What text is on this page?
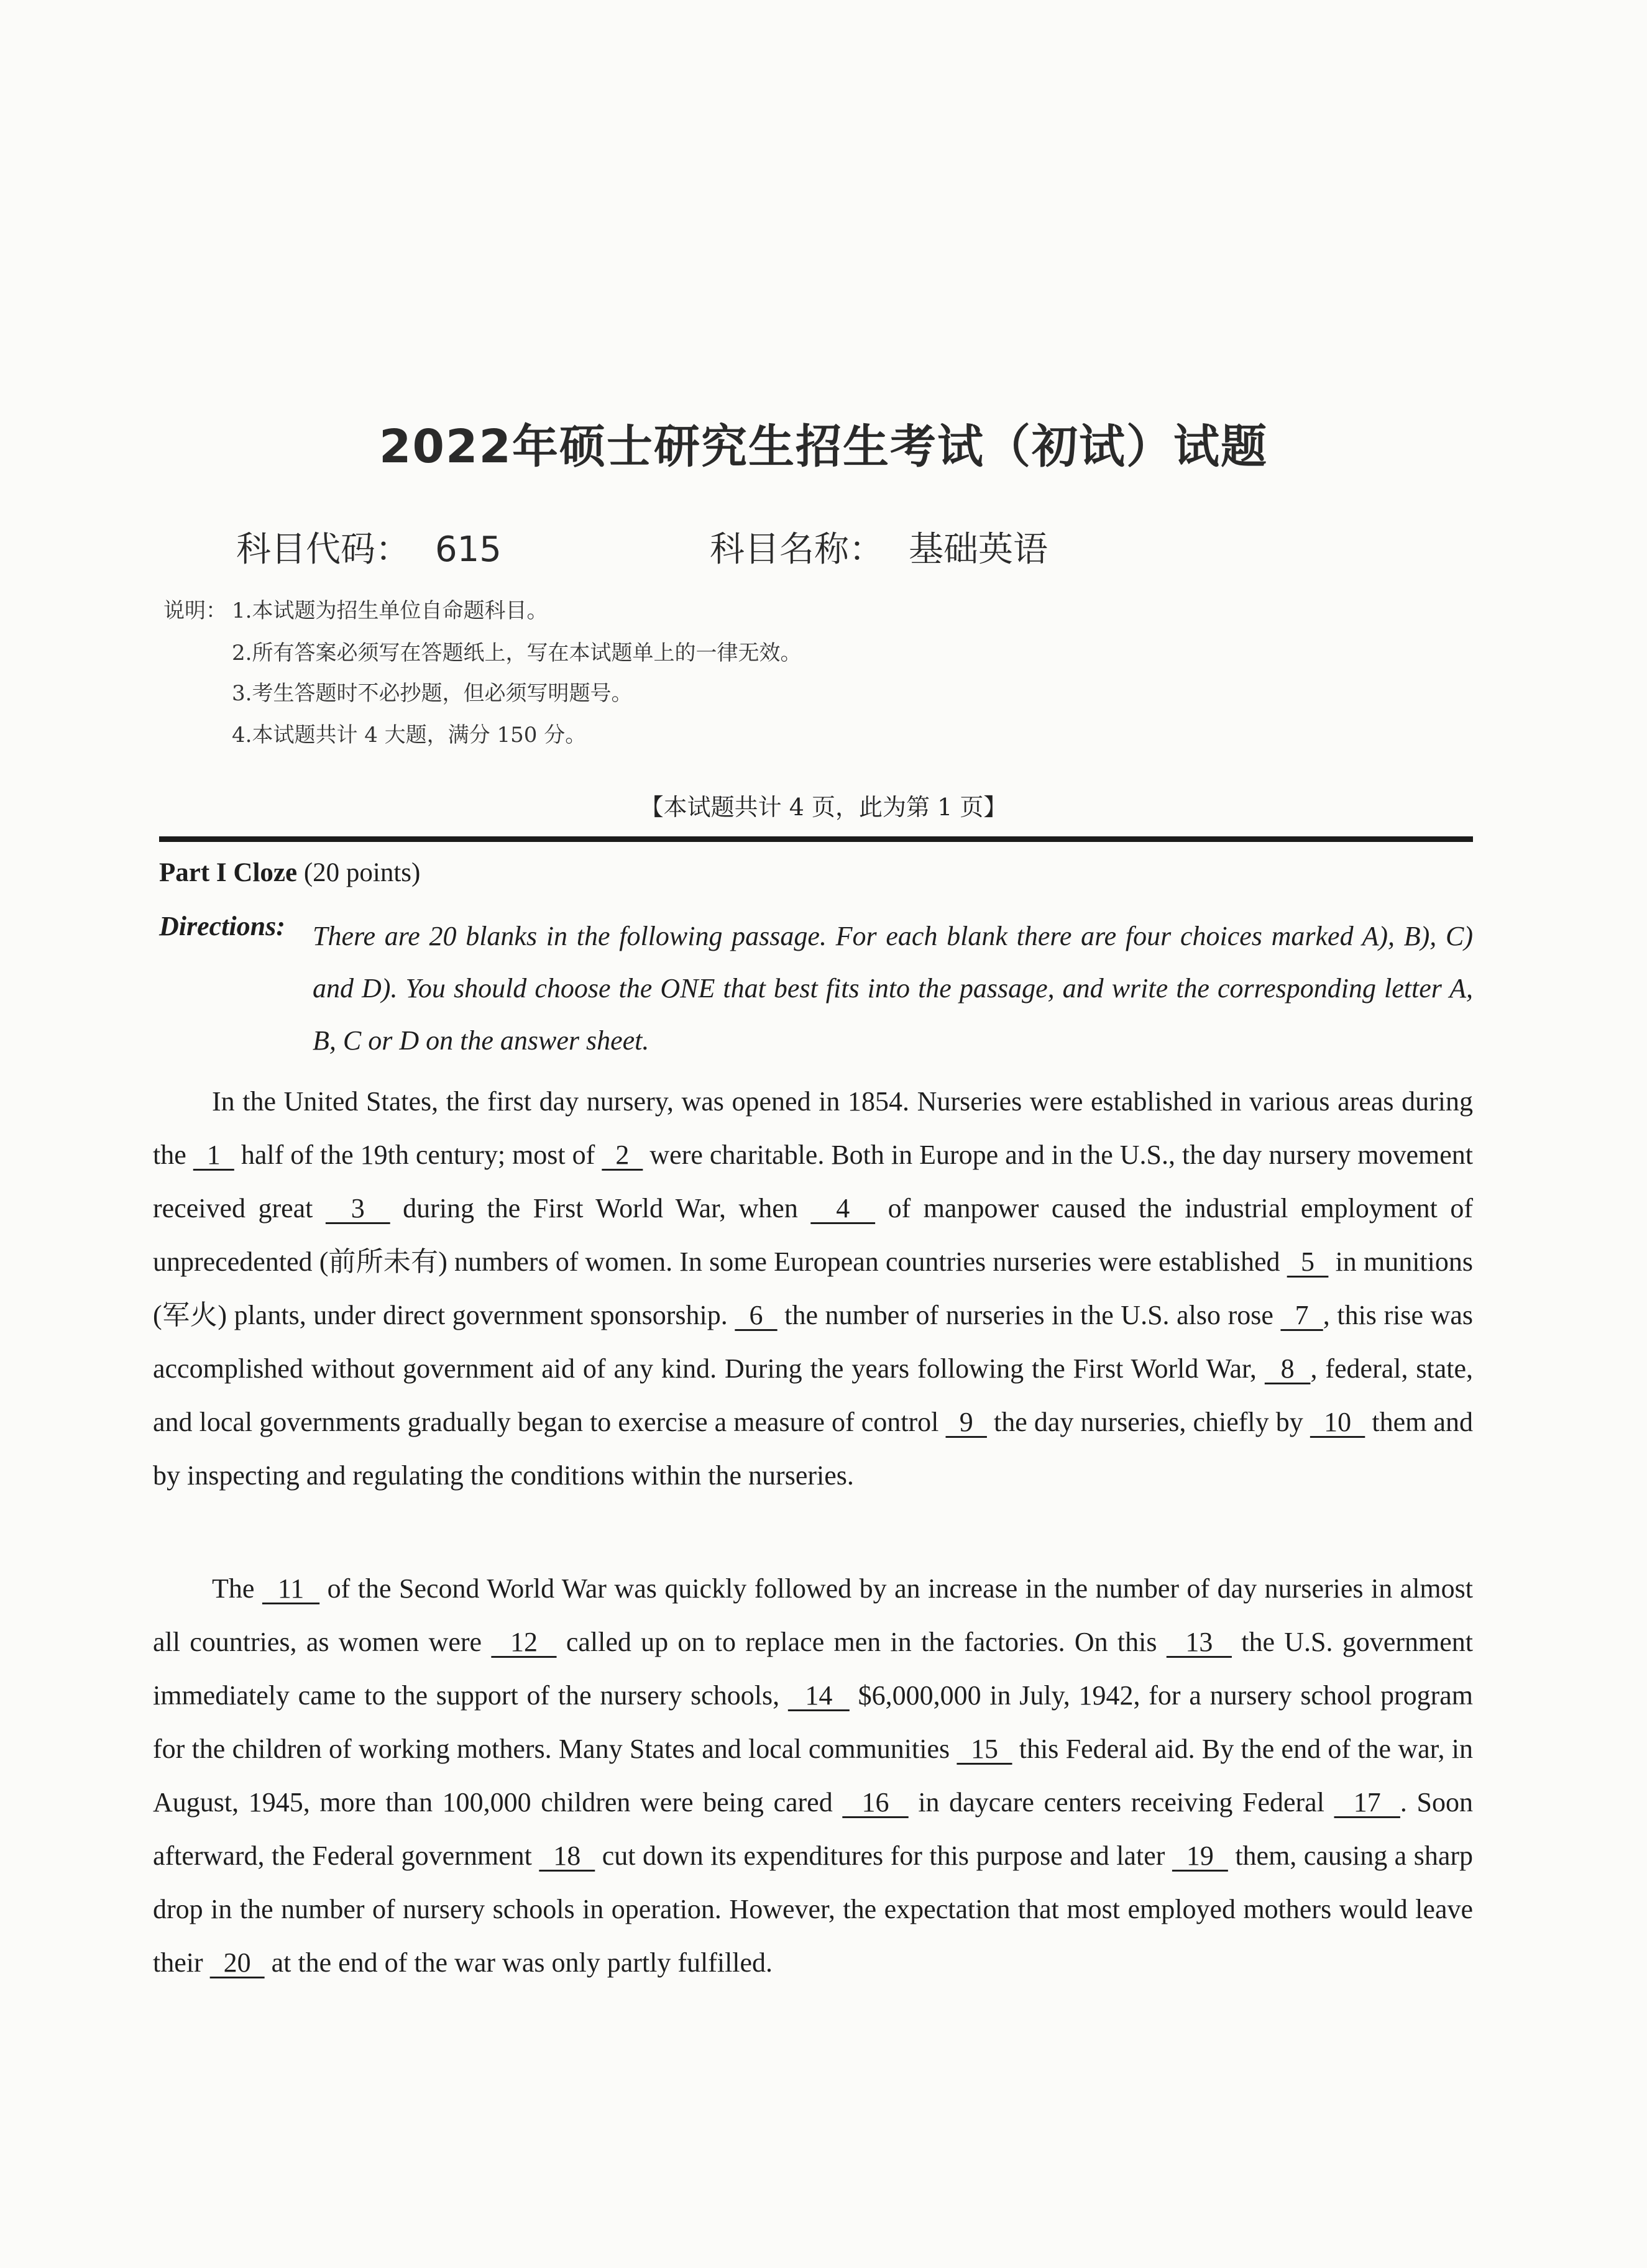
2022年硕士研究生招生考试（初试）试题
科目代码： 615	科目名称： 基础英语
说明： 1.本试题为招生单位自命题科目。
2.所有答案必须写在答题纸上，写在本试题单上的一律无效。
3.考生答题时不必抄题，但必须写明题号。
4.本试题共计 4 大题，满分 150 分。
【本试题共计 4 页，此为第 1 页】
Part I Cloze (20 points)
Directions: There are 20 blanks in the following passage. For each blank there are four choices marked A), B), C) and D). You should choose the ONE that best fits into the passage, and write the corresponding letter A, B, C or D on the answer sheet.
In the United States, the first day nursery, was opened in 1854. Nurseries were established in various areas during the   1   half of the 19th century; most of   2   were charitable. Both in Europe and in the U.S., the day nursery movement received great   3   during the First World War, when   4   of manpower caused the industrial employment of unprecedented (前所未有) numbers of women. In some European countries nurseries were established   5   in munitions (军火) plants, under direct government sponsorship.   6   the number of nurseries in the U.S. also rose   7  , this rise was accomplished without government aid of any kind. During the years following the First World War,   8  , federal, state, and local governments gradually began to exercise a measure of control   9   the day nurseries, chiefly by   10   them and by inspecting and regulating the conditions within the nurseries.
The   11   of the Second World War was quickly followed by an increase in the number of day nurseries in almost all countries, as women were   12   called up on to replace men in the factories. On this   13   the U.S. government immediately came to the support of the nursery schools,   14   $6,000,000 in July, 1942, for a nursery school program for the children of working mothers. Many States and local communities   15   this Federal aid. By the end of the war, in August, 1945, more than 100,000 children were being cared   16   in daycare centers receiving Federal   17  . Soon afterward, the Federal government   18   cut down its expenditures for this purpose and later   19   them, causing a sharp drop in the number of nursery schools in operation. However, the expectation that most employed mothers would leave their   20   at the end of the war was only partly fulfilled.
